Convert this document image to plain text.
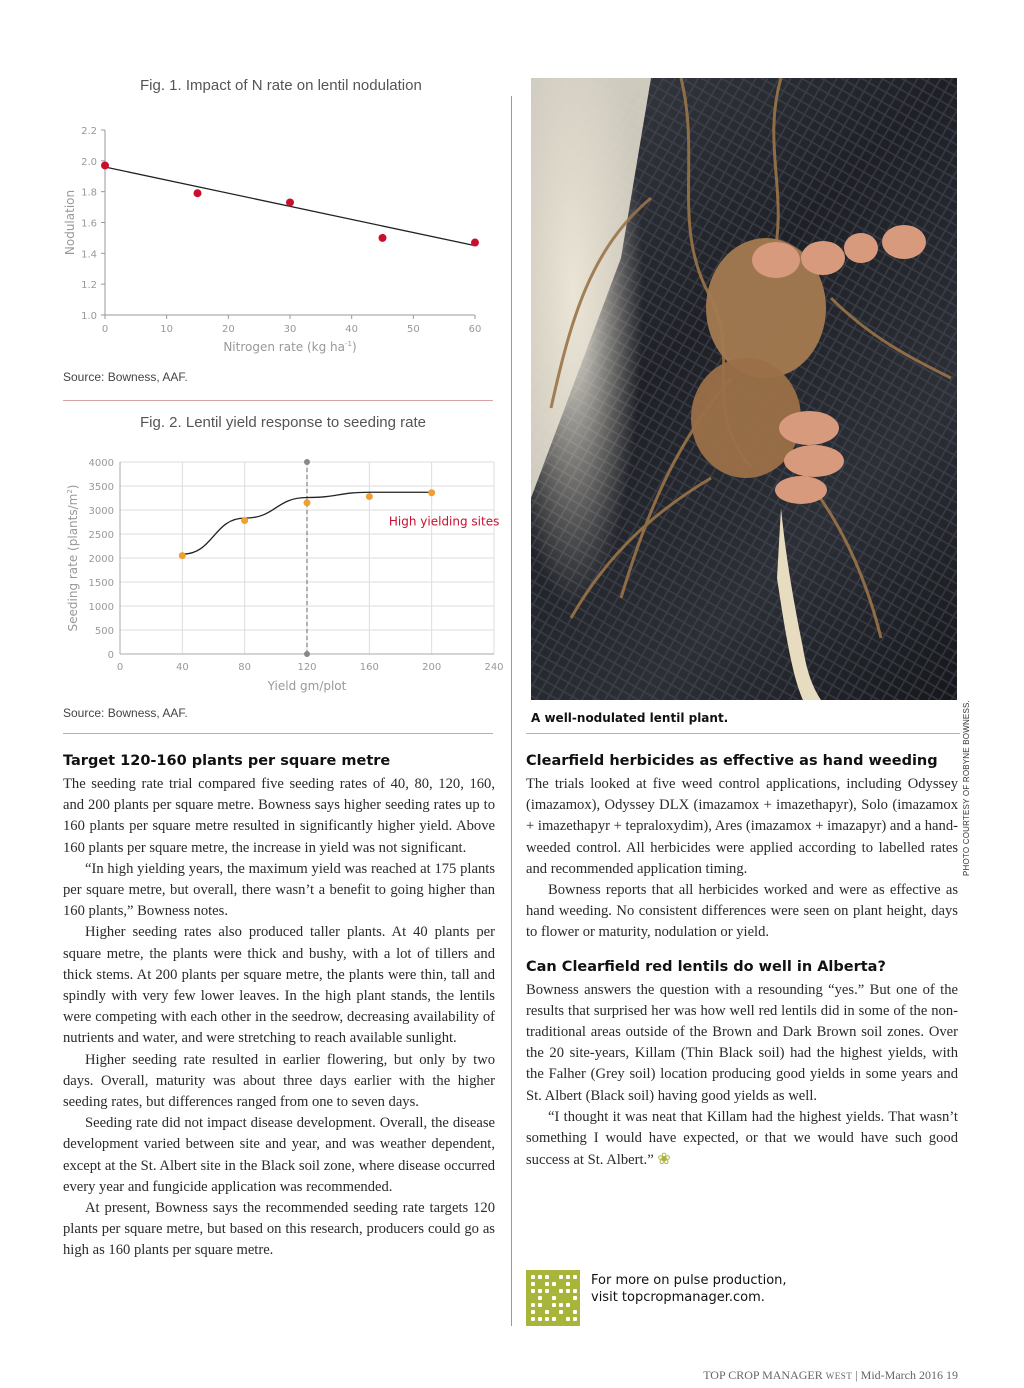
Fig. 1. Impact of N rate on lentil nodulation
1.0
1.2
1.4
1.6
1.8
2.0
2.2
0	10	20	30	40	50	60
Nitrogen rate (kg $ha^{-1}$)
Nodulation
Source: Bowness, AAF.
Fig. 2. Lentil yield response to seeding rate
0
500
1000
1500
2000
2500
3000
3500
4000
0	40	80	120	160	200	240
High yielding sites
Yield gm/plot
Seeding rate $(plants/m^2)$
Source: Bowness, AAF.	PHOTO COURTESY OF ROBYNE BOWNESS.
A well-nodulated lentil plant.
Target 120-160 plants per square metre

The seeding rate trial compared five seeding rates of 40, 80, 120, 160, and 200 plants per square metre. Bowness says higher seeding rates up to 160 plants per square metre resulted in significantly higher yield. Above 160 plants per square metre, the increase in yield was not significant.

“In high yielding years, the maximum yield was reached at 175 plants per square metre, but overall, there wasn’t a benefit to going higher than 160 plants,” Bowness notes.

Higher seeding rates also produced taller plants. At 40 plants per square metre, the plants were thick and bushy, with a lot of tillers and thick stems. At 200 plants per square metre, the plants were thin, tall and spindly with very few lower leaves. In the high plant stands, the lentils were competing with each other in the seedrow, decreasing availability of nutrients and water, and were stretching to reach available sunlight.

Higher seeding rate resulted in earlier flowering, but only by two days. Overall, maturity was about three days earlier with the higher seeding rates, but differences ranged from one to seven days.

Seeding rate did not impact disease development. Overall, the disease development varied between site and year, and was weather dependent, except at the St. Albert site in the Black soil zone, where disease occurred every year and fungicide application was recommended.

At present, Bowness says the recommended seeding rate targets 120 plants per square metre, but based on this research, producers could go as high as 160 plants per square metre.

Clearfield herbicides as effective as hand weeding

The trials looked at five weed control applications, including Odyssey (imazamox), Odyssey DLX (imazamox + imazethapyr), Solo (imazamox + imazethapyr + tepraloxydim), Ares (imazamox + imazapyr) and a hand-weeded control. All herbicides were applied according to labelled rates and recommended application timing.

Bowness reports that all herbicides worked and were as effective as hand weeding. No consistent differences were seen on plant height, days to flower or maturity, nodulation or yield.

Can Clearfield red lentils do well in Alberta?

Bowness answers the question with a resounding “yes.” But one of the results that surprised her was how well red lentils did in some of the non-traditional areas outside of the Brown and Dark Brown soil zones. Over the 20 site-years, Killam (Thin Black soil) had the highest yields, with the Falher (Grey soil) location producing good yields in some years and St. Albert (Black soil) having good yields as well.

“I thought it was neat that Killam had the highest yields. That wasn’t something I would have expected, or that we would have such good success at St. Albert.” ❀

For more on pulse production,
visit topcropmanager.com.
TOP CROP MANAGER WEST | Mid-March 2016 19
